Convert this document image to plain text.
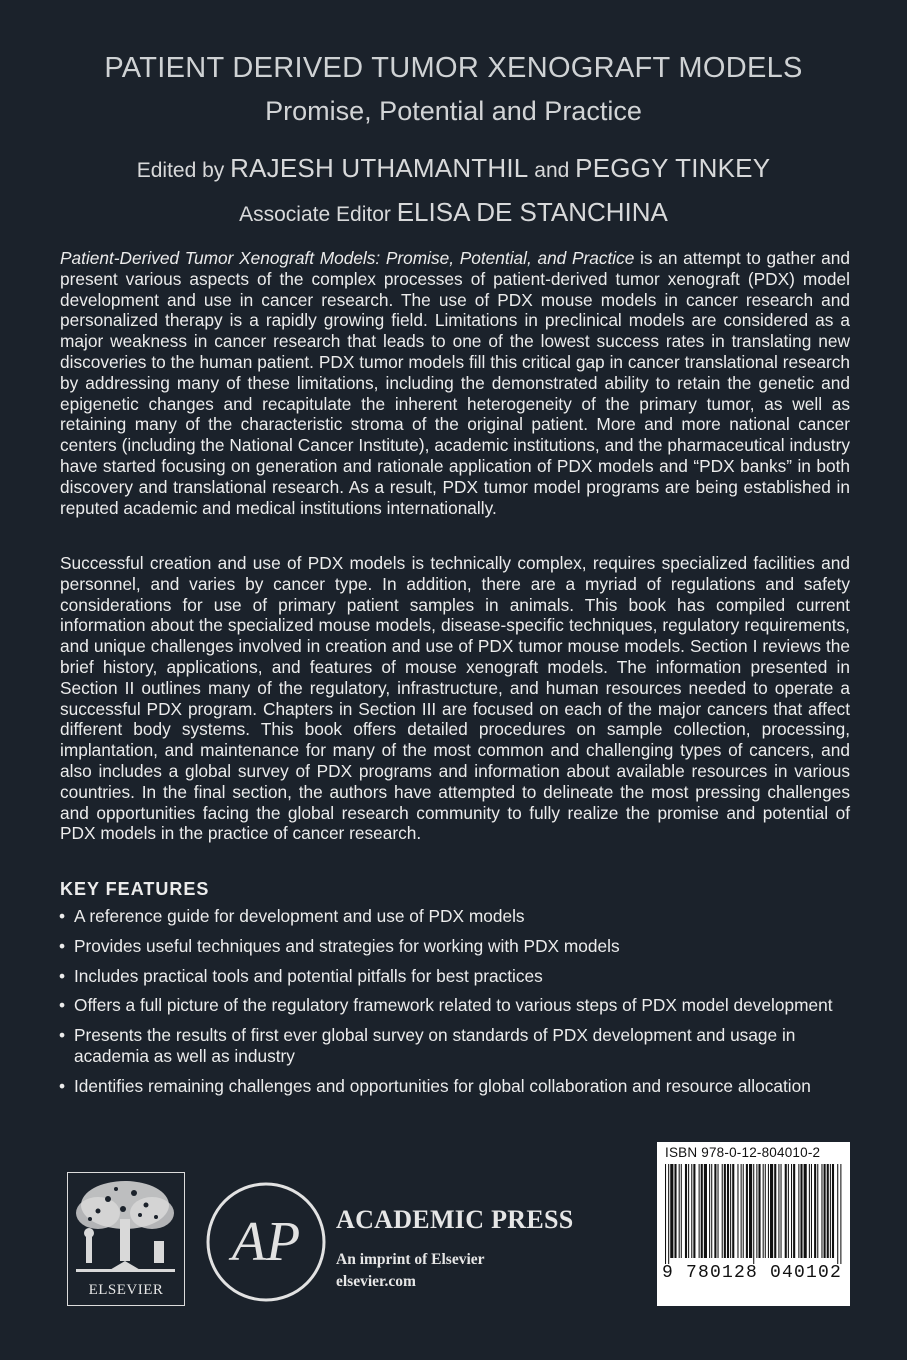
PATIENT DERIVED TUMOR XENOGRAFT MODELS
Promise, Potential and Practice
Edited by RAJESH UTHAMANTHIL and PEGGY TINKEY
Associate Editor ELISA DE STANCHINA
Patient-Derived Tumor Xenograft Models: Promise, Potential, and Practice is an attempt to gather and present various aspects of the complex processes of patient-derived tumor xenograft (PDX) model development and use in cancer research. The use of PDX mouse models in cancer research and personalized therapy is a rapidly growing field. Limitations in preclinical models are considered as a major weakness in cancer research that leads to one of the lowest success rates in translating new discoveries to the human patient. PDX tumor models fill this critical gap in cancer translational research by addressing many of these limitations, including the demonstrated ability to retain the genetic and epigenetic changes and recapitulate the inherent heterogeneity of the primary tumor, as well as retaining many of the characteristic stroma of the original patient. More and more national cancer centers (including the National Cancer Institute), academic institutions, and the pharmaceutical industry have started focusing on generation and rationale application of PDX models and “PDX banks” in both discovery and translational research. As a result, PDX tumor model programs are being established in reputed academic and medical institutions internationally.
Successful creation and use of PDX models is technically complex, requires specialized facilities and personnel, and varies by cancer type. In addition, there are a myriad of regulations and safety considerations for use of primary patient samples in animals. This book has compiled current information about the specialized mouse models, disease-specific techniques, regulatory requirements, and unique challenges involved in creation and use of PDX tumor mouse models. Section I reviews the brief history, applications, and features of mouse xenograft models. The information presented in Section II outlines many of the regulatory, infrastructure, and human resources needed to operate a successful PDX program. Chapters in Section III are focused on each of the major cancers that affect different body systems. This book offers detailed procedures on sample collection, processing, implantation, and maintenance for many of the most common and challenging types of cancers, and also includes a global survey of PDX programs and information about available resources in various countries. In the final section, the authors have attempted to delineate the most pressing challenges and opportunities facing the global research community to fully realize the promise and potential of PDX models in the practice of cancer research.
KEY FEATURES
• A reference guide for development and use of PDX models
• Provides useful techniques and strategies for working with PDX models
• Includes practical tools and potential pitfalls for best practices
• Offers a full picture of the regulatory framework related to various steps of PDX model development
• Presents the results of first ever global survey on standards of PDX development and usage in academia as well as industry
• Identifies remaining challenges and opportunities for global collaboration and resource allocation
ELSEVIER
AP ACADEMIC PRESS
An imprint of Elsevier
elsevier.com
ISBN 978-0-12-804010-2
9 780128 040102
